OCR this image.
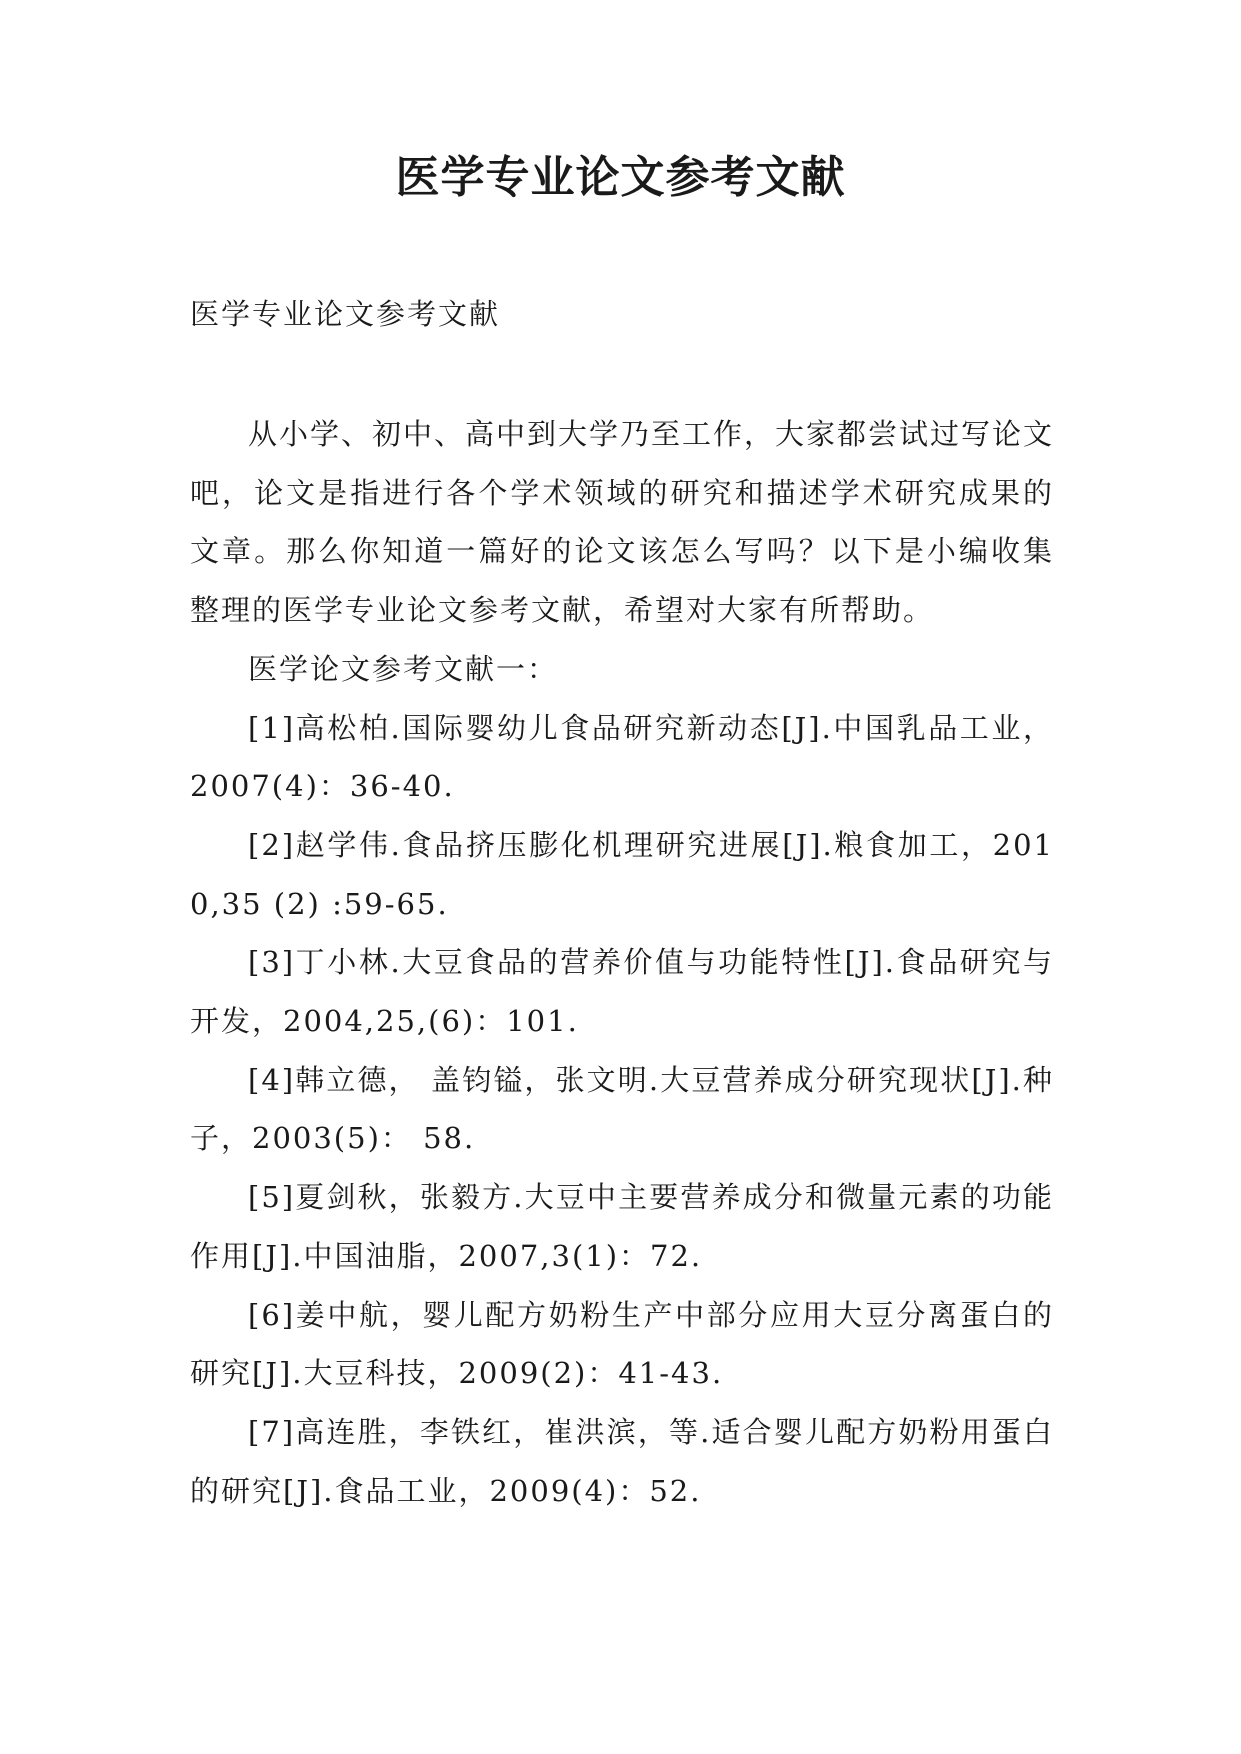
医学专业论文参考文献
医学专业论文参考文献

从小学、初中、高中到大学乃至工作，大家都尝试过写论文吧，论文是指进行各个学术领域的研究和描述学术研究成果的文章。那么你知道一篇好的论文该怎么写吗？以下是小编收集整理的医学专业论文参考文献，希望对大家有所帮助。

医学论文参考文献一：

[1]高松柏.国际婴幼儿食品研究新动态[J].中国乳品工业，2007(4)：36-40.

[2]赵学伟.食品挤压膨化机理研究进展[J].粮食加工，2010,35 (2) :59-65.

[3]丁小林.大豆食品的营养价值与功能特性[J].食品研究与开发，2004,25,(6)：101.

[4]韩立德， 盖钧镒，张文明.大豆营养成分研究现状[J].种子，2003(5)： 58.

[5]夏剑秋，张毅方.大豆中主要营养成分和微量元素的功能作用[J].中国油脂，2007,3(1)：72.

[6]姜中航，婴儿配方奶粉生产中部分应用大豆分离蛋白的研究[J].大豆科技，2009(2)：41-43.

[7]高连胜，李铁红，崔洪滨，等.适合婴儿配方奶粉用蛋白的研究[J].食品工业，2009(4)：52.
